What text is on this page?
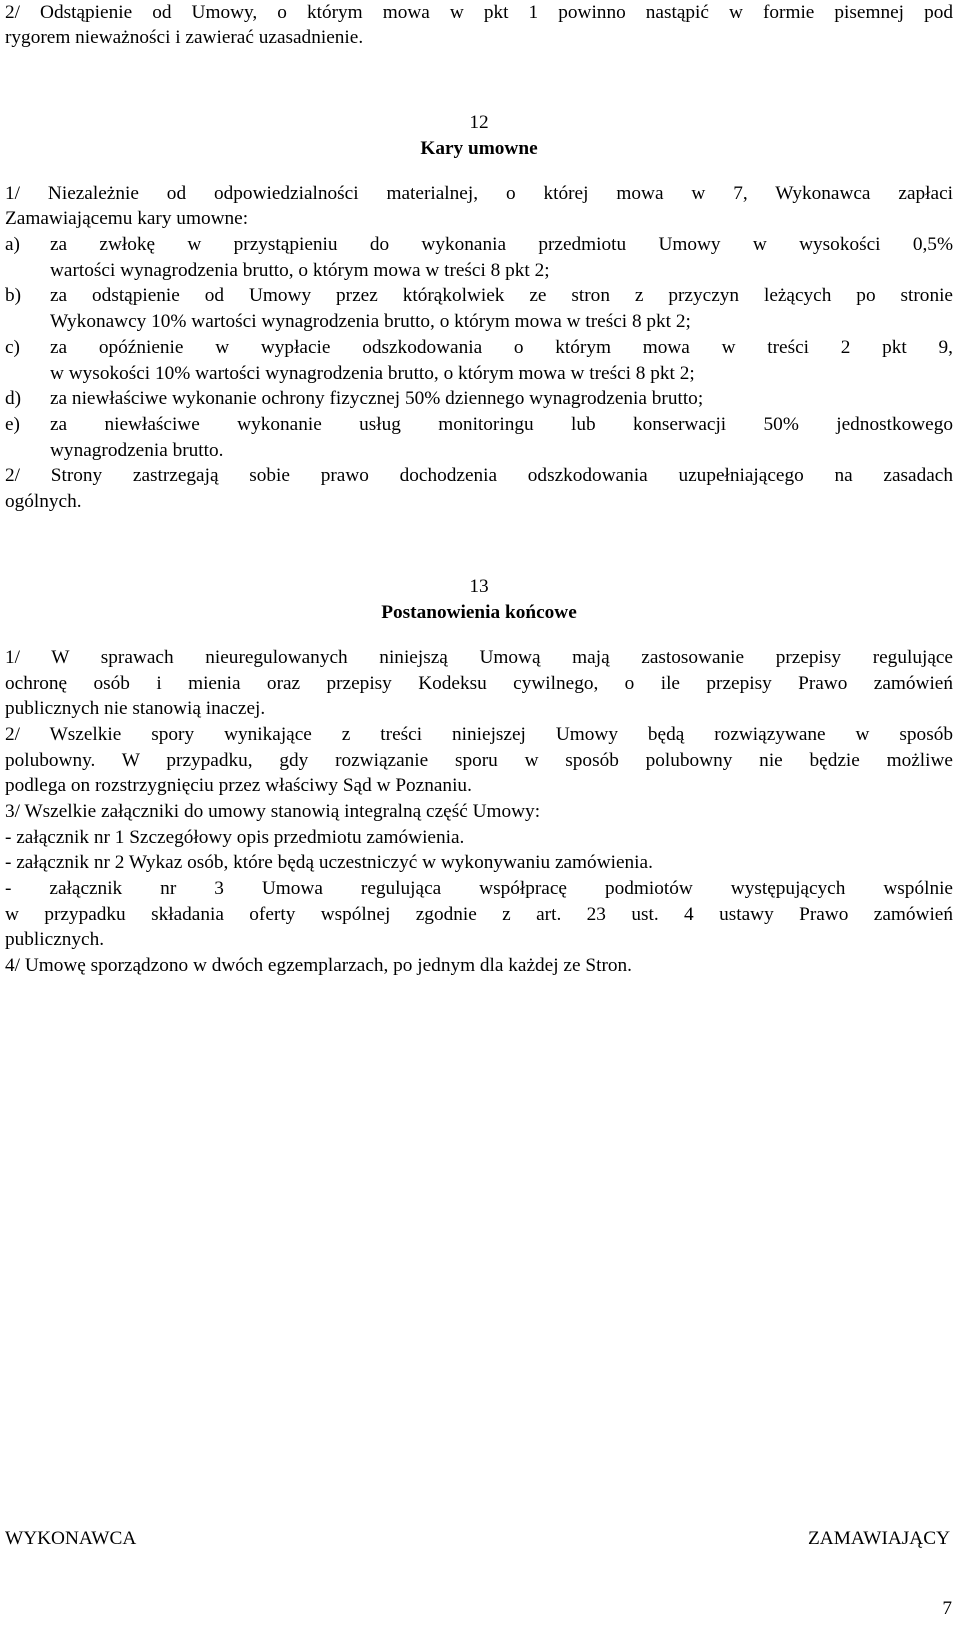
2/ Odstąpienie od Umowy, o którym mowa w pkt 1 powinno nastąpić w formie pisemnej pod
rygorem nieważności i zawierać uzasadnienie.
12
Kary umowne
1/ Niezależnie od odpowiedzialności materialnej, o której mowa w 7, Wykonawca zapłaci
Zamawiającemu kary umowne:
a) za zwłokę w przystąpieniu do wykonania przedmiotu Umowy w wysokości 0,5%
wartości wynagrodzenia brutto, o którym mowa w treści 8 pkt 2;
b) za odstąpienie od Umowy przez którąkolwiek ze stron z przyczyn leżących po stronie
Wykonawcy 10% wartości wynagrodzenia brutto, o którym mowa w treści 8 pkt 2;
c) za opóźnienie w wypłacie odszkodowania o którym mowa w treści 2 pkt 9,
w wysokości 10% wartości wynagrodzenia brutto, o którym mowa w treści 8 pkt 2;
d) za niewłaściwe wykonanie ochrony fizycznej 50% dziennego wynagrodzenia brutto;
e) za niewłaściwe wykonanie usług monitoringu lub konserwacji 50% jednostkowego
wynagrodzenia brutto.
2/ Strony zastrzegają sobie prawo dochodzenia odszkodowania uzupełniającego na zasadach
ogólnych.
13
Postanowienia końcowe
1/ W sprawach nieuregulowanych niniejszą Umową mają zastosowanie przepisy regulujące
ochronę osób i mienia oraz przepisy Kodeksu cywilnego, o ile przepisy Prawo zamówień
publicznych nie stanowią inaczej.
2/ Wszelkie spory wynikające z treści niniejszej Umowy będą rozwiązywane w sposób
polubowny. W przypadku, gdy rozwiązanie sporu w sposób polubowny nie będzie możliwe
podlega on rozstrzygnięciu przez właściwy Sąd w Poznaniu.
3/ Wszelkie załączniki do umowy stanowią integralną część Umowy:
- załącznik nr 1 Szczegółowy opis przedmiotu zamówienia.
- załącznik nr 2 Wykaz osób, które będą uczestniczyć w wykonywaniu zamówienia.
- załącznik nr 3 Umowa regulująca współpracę podmiotów występujących wspólnie
w przypadku składania oferty wspólnej zgodnie z art. 23 ust. 4 ustawy Prawo zamówień
publicznych.
4/ Umowę sporządzono w dwóch egzemplarzach, po jednym dla każdej ze Stron.
WYKONAWCA	ZAMAWIAJĄCY
7
